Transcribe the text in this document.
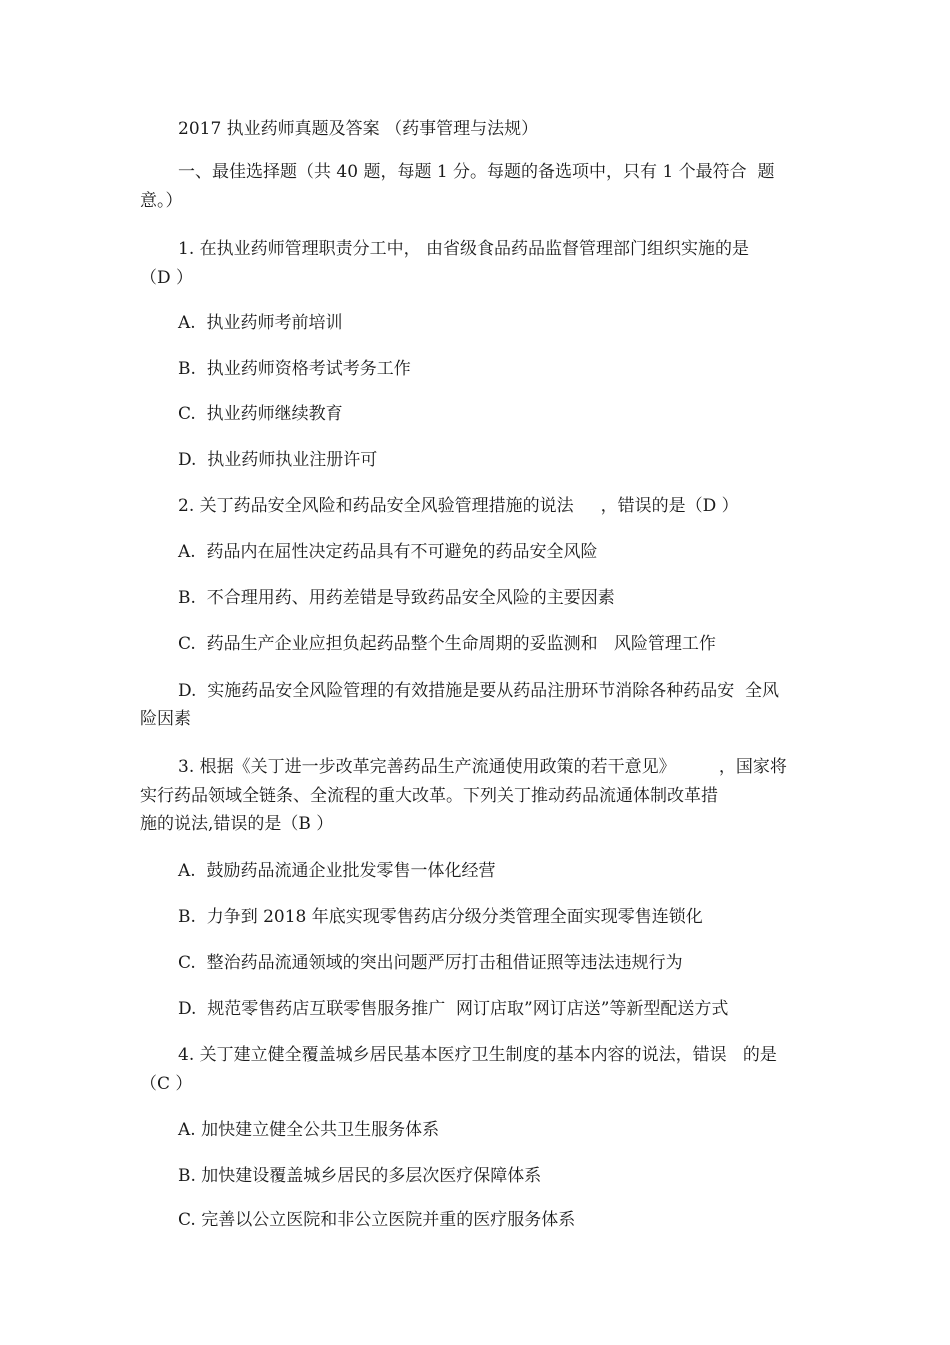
2017 执业药师真题及答案 （药事管理与法规）
一、最佳选择题（共 40 题，每题 1 分。每题的备选项中，只有 1 个最符合  题
意。）
1. 在执业药师管理职责分工中， 由省级食品药品监督管理部门组织实施的是
（D ）
A.  执业药师考前培训
B.  执业药师资格考试考务工作
C.  执业药师继续教育
D.  执业药师执业注册许可
2. 关丁药品安全风险和药品安全风验管理措施的说法     ，错误的是（D ）
A.  药品内在屈性决定药品具有不可避免的药品安全风险
B.  不合理用药、用药差错是导致药品安全风险的主要因素
C.  药品生产企业应担负起药品整个生命周期的妥监测和   风险管理工作
D.  实施药品安全风险管理的有效措施是要从药品注册环节消除各种药品安  全风
险因素
3. 根据《关丁进一步改革完善药品生产流通使用政策的若干意见》        ，国家将
实行药品领域全链条、全流程的重大改革。下列关丁推动药品流通体制改革措
施的说法,错误的是（B ）
A.  鼓励药品流通企业批发零售一体化经营
B.  力争到 2018 年底实现零售药店分级分类管理全面实现零售连锁化
C.  整治药品流通领域的突出问题严厉打击租借证照等违法违规行为
D.  规范零售药店互联零售服务推广  网订店取”网订店送”等新型配送方式
4. 关丁建立健全覆盖城乡居民基本医疗卫生制度的基本内容的说法，错误   的是
（C ）
A. 加快建立健全公共卫生服务体系
B. 加快建设覆盖城乡居民的多层次医疗保障体系
C. 完善以公立医院和非公立医院并重的医疗服务体系
